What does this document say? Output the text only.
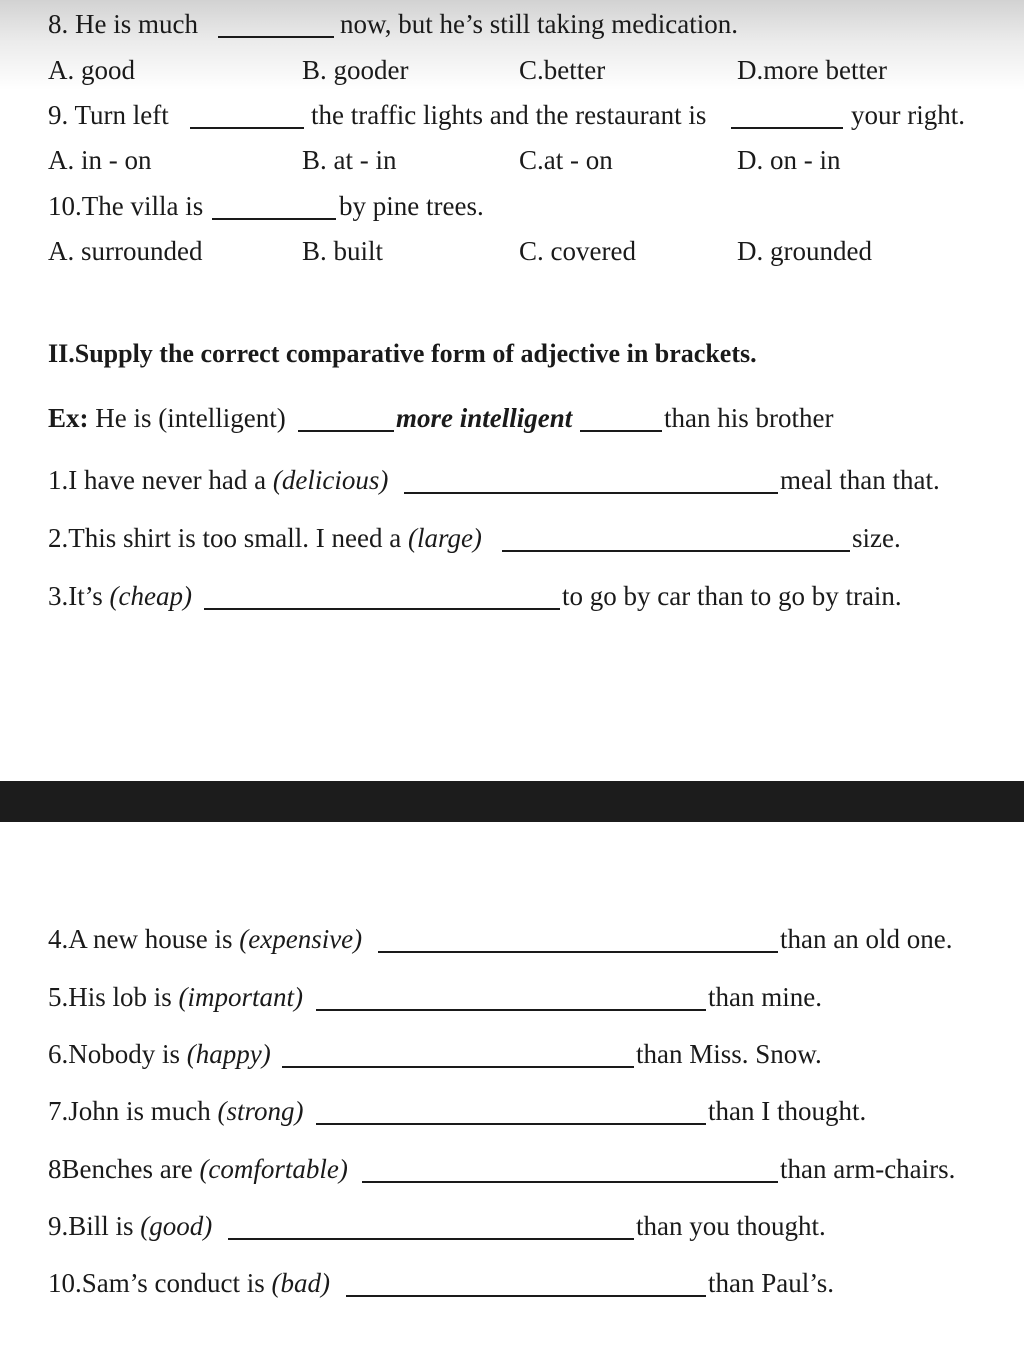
8. He is much	now, but he’s still taking medication.
A. good	B. gooder	C.better	D.more better
9. Turn left	the traffic lights and the restaurant is	your right.
A. in - on	B. at - in	C.at - on	D. on - in
10.The villa is	by pine trees.
A. surrounded	B. built	C. covered	D. grounded
II.Supply the correct comparative form of adjective in brackets.
Ex: He is (intelligent)	more intelligent	than his brother
1.I have never had a (delicious)	meal than that.
2.This shirt is too small. I need a (large)	size.
3.It’s (cheap)	to go by car than to go by train.
4.A new house is (expensive)	than an old one.
5.His lob is (important)	than mine.
6.Nobody is (happy)	than Miss. Snow.
7.John is much (strong)	than I thought.
8Benches are (comfortable)	than arm-chairs.
9.Bill is (good)	than you thought.
10.Sam’s conduct is (bad)	than Paul’s.
